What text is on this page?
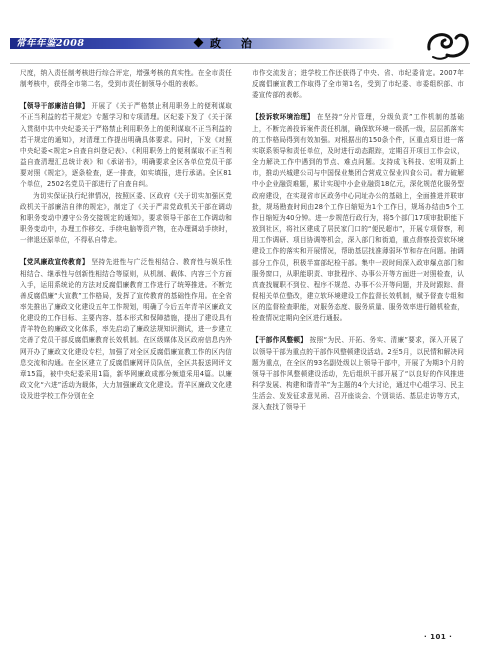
常年年鉴2008	政 治

尺度，纳入责任制考核进行综合评定，增强考核的真实性。在全市责任制考核中，获得全市第二名，受到市责任制领导小组的表彰。

【领导干部廉洁自律】 开展了《关于严格禁止利用职务上的便利谋取不正当利益的若干规定》专题学习和专项清理。区纪委下发了《关于深入贯彻中共中央纪委关于严格禁止利用职务上的便利谋取不正当利益的若干规定的通知》，对清理工作提出明确具体要求。同时，下发《对照中央纪委<规定>自查自纠登记表》、《利用职务上的便利谋取不正当利益自查清理汇总统计表》和《承诺书》，明确要求全区各单位党员干部要对照《规定》，逐条检查，逐一排查，如实填报，进行承诺。全区81个单位，2502名党员干部进行了自查自纠。

为切实保证执行纪律情况，按照区委、区政府《关于切实加强区党政机关干部廉洁自律的规定》，制定了《关于严肃党政机关干部在调动和职务变动中遵守公务交接规定的通知》，要求领导干部在工作调动和职务变动中，办理工作移交、手续电脑等资产物，在办理调动手续时，一律退还原单位，不得私自带走。

【党风廉政宣传教育】 坚持先进性与广泛性相结合、教育性与娱乐性相结合、继承性与创新性相结合等原则，从机制、载体、内容三个方面入手，运用系统论的方法对反腐倡廉教育工作进行了统筹推进。不断完善反腐倡廉“大宣教”工作格局，发挥了宣传教育的基础性作用。在全省率先推出了廉政文化建设五年工作规划，明确了今后五年青羊区廉政文化建设的工作目标、主要内容、基本形式和保障措施，提出了建设具有青羊特色的廉政文化体系，率先启动了廉政法规知识测试，进一步建立完善了党员干部反腐倡廉教育长效机制。在区级媒体及区政府信息内外网开办了廉政文化建设专栏，加强了对全区反腐倡廉宣教工作的区内信息交流和沟通。在全区建立了反腐倡廉网评员队伍，全区共报送网评文章15篇，被中央纪委采用1篇，新华网廉政成都分频道采用4篇。以廉政文化“六进”活动为载体，大力加强廉政文化建设。青羊区廉政文化建设及进学校工作分别在全

市作交流发言；进学校工作还获得了中央、省、市纪委肯定。2007年反腐倡廉宣教工作取得了全市第1名，受到了市纪委、市委组织部、市委宣传部的表彰。

【投诉软环境治理】 在坚持“分片管理，分级负责”工作机制的基础上，不断完善投诉案件责任机制，确保软环境一级抓一级，层层抓落实的工作格局得到有效加强。对根据出的150条个件，区重点项目进一落实联系领导和责任单位，及时进行动态跟踪，定期召开项目工作会议，全力解决工作中遇到的节点、难点问题。支持成飞科技、宏明双新上市，推动兴城建公司与中国保业集团合营成立保业四食公司。着力破解中小企业融资难题，累计实现中小企业融资18亿元，深化规范化服务型政府建设，在实现省市区政务中心同址办公的基础上，全面推进并联审批，规场勘查时间由28个工作日缩短为1个工作日，规场办结由5个工作日缩短为40分钟。进一步规范行政行为，将5个部门17项审批职能下放到社区，将社区建成了居民家门口的“便民超市”，开展专项督察，利用工作调研、项目协调等机会，深入部门和街道，重点督察投资软环境建设工作的落实和开展情况，帮助基层找准薄弱环节和存在问题。抽调部分工作员，积极半富部纪检干部。集中一段时间深入政审爆点部门和服务窗口，从职能职责、审批程序、办事公开等方面进一对照检查，认真查找履职不到位、程序不规范、办事不公开等问题，并及时跟踪、督促相关单位整改，建立软环境建设工作监督长效机制，赋予督查专组和区的监督检查职能，对服务态度、服务质量、服务效率进行随机检查，检查情况定期向全区进行通报。

【干部作风整顿】 按照“为民、开拓、务实、清廉”要求，深入开展了以领导干部为重点的干部作风整顿建设活动。2至5月，以民情和解决问题为重点，在全区的93名副处级以上领导干部中，开展了为期3个月的领导干部作风整顿建设活动，先后组织干部开展了“以良好的作风推进科学发展、构建和谐青羊”为主题的4个大讨论，通过中心组学习、民主生活会、发发征求意见函、召开座谈会、个别谈话、基层走访等方式，深入查找了领导干

· 101 ·
